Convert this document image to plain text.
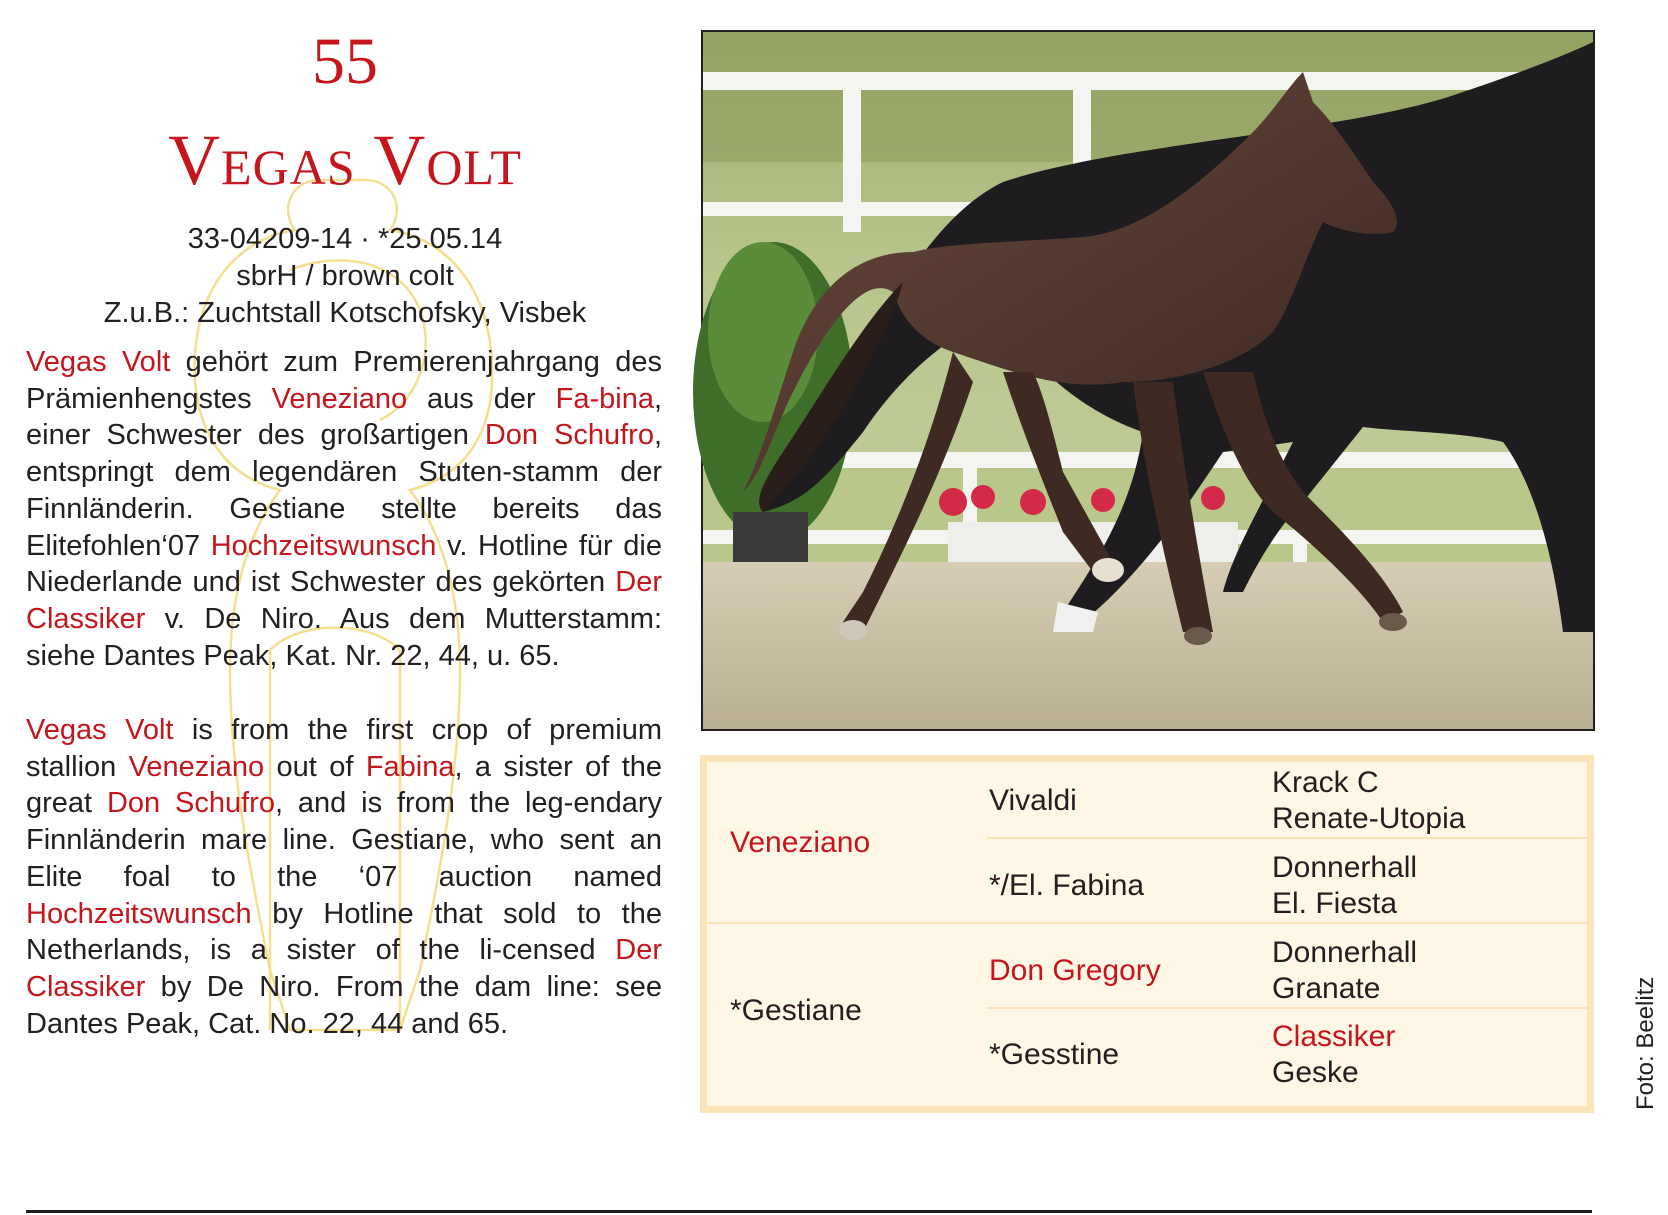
55
Vegas Volt
33-04209-14 · *25.05.14
sbrH / brown colt
Z.u.B.: Zuchtstall Kotschofsky, Visbek

Vegas Volt gehört zum Premierenjahrgang des Prämienhengstes Veneziano aus der Fa-bina, einer Schwester des großartigen Don Schufro, entspringt dem legendären Stuten-stamm der Finnländerin. Gestiane stellte bereits das Elitefohlen‘07 Hochzeitswunsch v. Hotline für die Niederlande und ist Schwester des gekörten Der Classiker v. De Niro. Aus dem Mutterstamm: siehe Dantes Peak, Kat. Nr. 22, 44, u. 65.

Vegas Volt is from the first crop of premium stallion Veneziano out of Fabina, a sister of the great Don Schufro, and is from the leg-endary Finnländerin mare line. Gestiane, who sent an Elite foal to the ‘07 auction named Hochzeitswunsch by Hotline that sold to the Netherlands, is a sister of the li-censed Der Classiker by De Niro. From the dam line: see Dantes Peak, Cat. No. 22, 44 and 65.

Veneziano
*Gestiane
Vivaldi
*/El. Fabina
Don Gregory
*Gesstine
Krack C
Renate-Utopia
Donnerhall
El. Fiesta
Donnerhall
Granate
Classiker
Geske	Foto: Beelitz
